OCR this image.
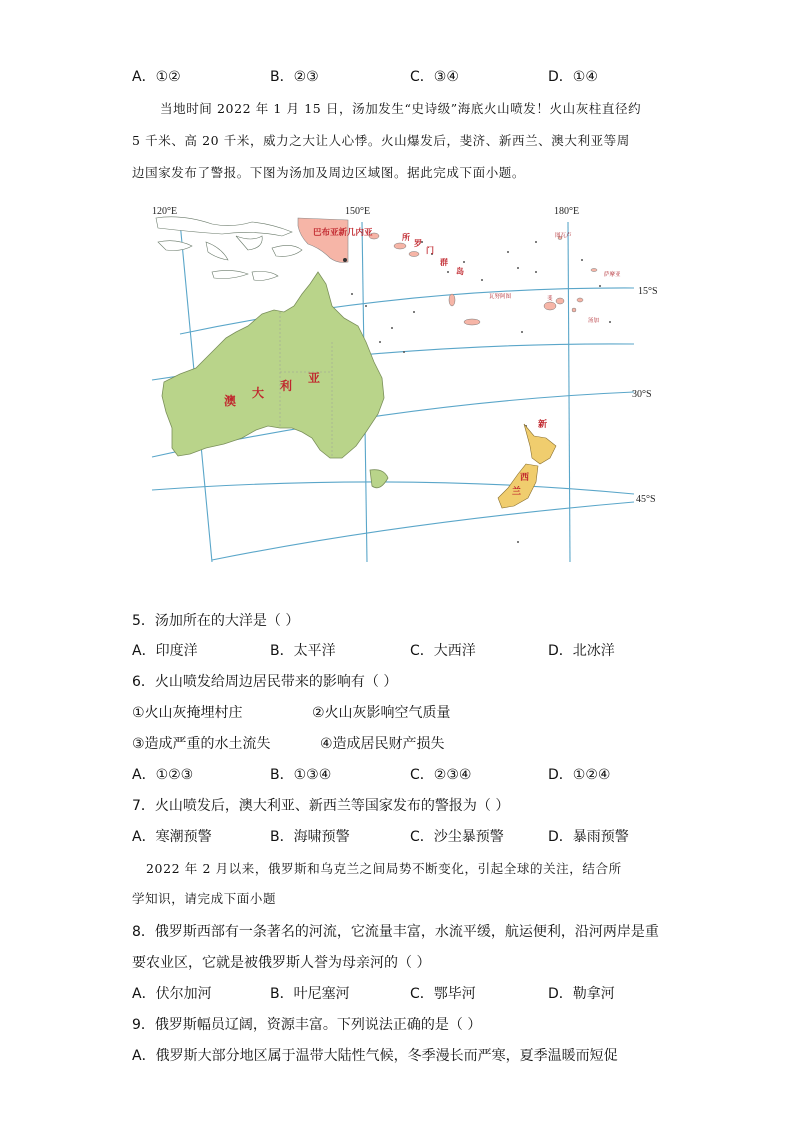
A．①②	B．②③	C．③④	D．①④
当地时间 2022 年 1 月 15 日，汤加发生“史诗级”海底火山喷发！火山灰柱直径约
5 千米、高 20 千米，威力之大让人心悸。火山爆发后，斐济、新西兰、澳大利亚等周
边国家发布了警报。下图为汤加及周边区域图。据此完成下面小题。
120°E	150°E	180°E
15°S
30°S
45°S
澳
大 利
亚
巴布亚新几内亚	所
罗
门
群
岛
新
西
兰
图瓦卢
瓦努阿图
萨摩亚
斐
汤加
5．汤加所在的大洋是（ ）
A．印度洋	B．太平洋	C．大西洋	D．北冰洋
6．火山喷发给周边居民带来的影响有（ ）
①火山灰掩埋村庄	②火山灰影响空气质量
③造成严重的水土流失	④造成居民财产损失
A．①②③	B．①③④	C．②③④	D．①②④
7．火山喷发后，澳大利亚、新西兰等国家发布的警报为（ ）
A．寒潮预警	B．海啸预警	C．沙尘暴预警	D．暴雨预警
2022 年 2 月以来，俄罗斯和乌克兰之间局势不断变化，引起全球的关注，结合所
学知识，请完成下面小题
8．俄罗斯西部有一条著名的河流，它流量丰富，水流平缓，航运便利，沿河两岸是重
要农业区，它就是被俄罗斯人誉为母亲河的（ ）
A．伏尔加河	B．叶尼塞河	C．鄂毕河	D．勒拿河
9．俄罗斯幅员辽阔，资源丰富。下列说法正确的是（ ）
A．俄罗斯大部分地区属于温带大陆性气候，冬季漫长而严寒，夏季温暖而短促
